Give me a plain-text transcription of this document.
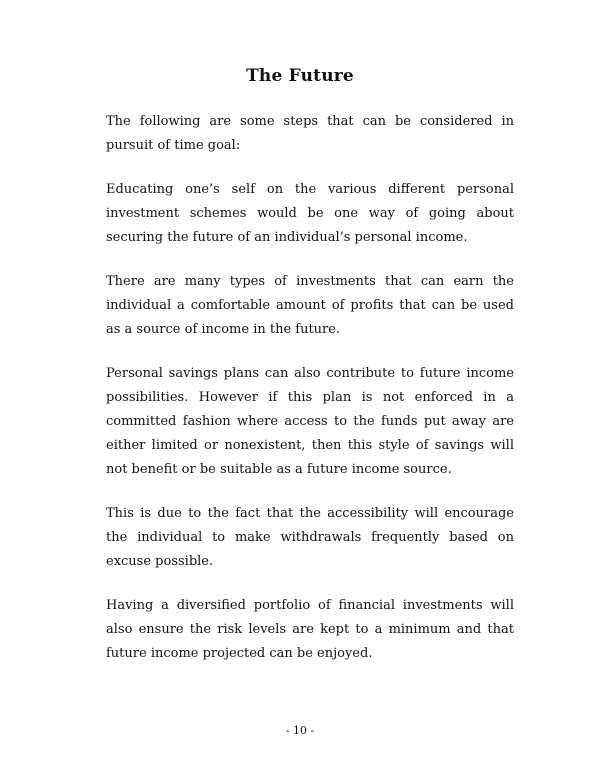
The Future

The following are some steps that can be considered in pursuit of time goal:

Educating one’s self on the various different personal investment schemes would be one way of going about securing the future of an individual’s personal income.

There are many types of investments that can earn the individual a comfortable amount of profits that can be used as a source of income in the future.

Personal savings plans can also contribute to future income possibilities. However if this plan is not enforced in a committed fashion where access to the funds put away are either limited or nonexistent, then this style of savings will not benefit or be suitable as a future income source.

This is due to the fact that the accessibility will encourage the individual to make withdrawals frequently based on excuse possible.

Having a diversified portfolio of financial investments will also ensure the risk levels are kept to a minimum and that future income projected can be enjoyed.

- 10 -
